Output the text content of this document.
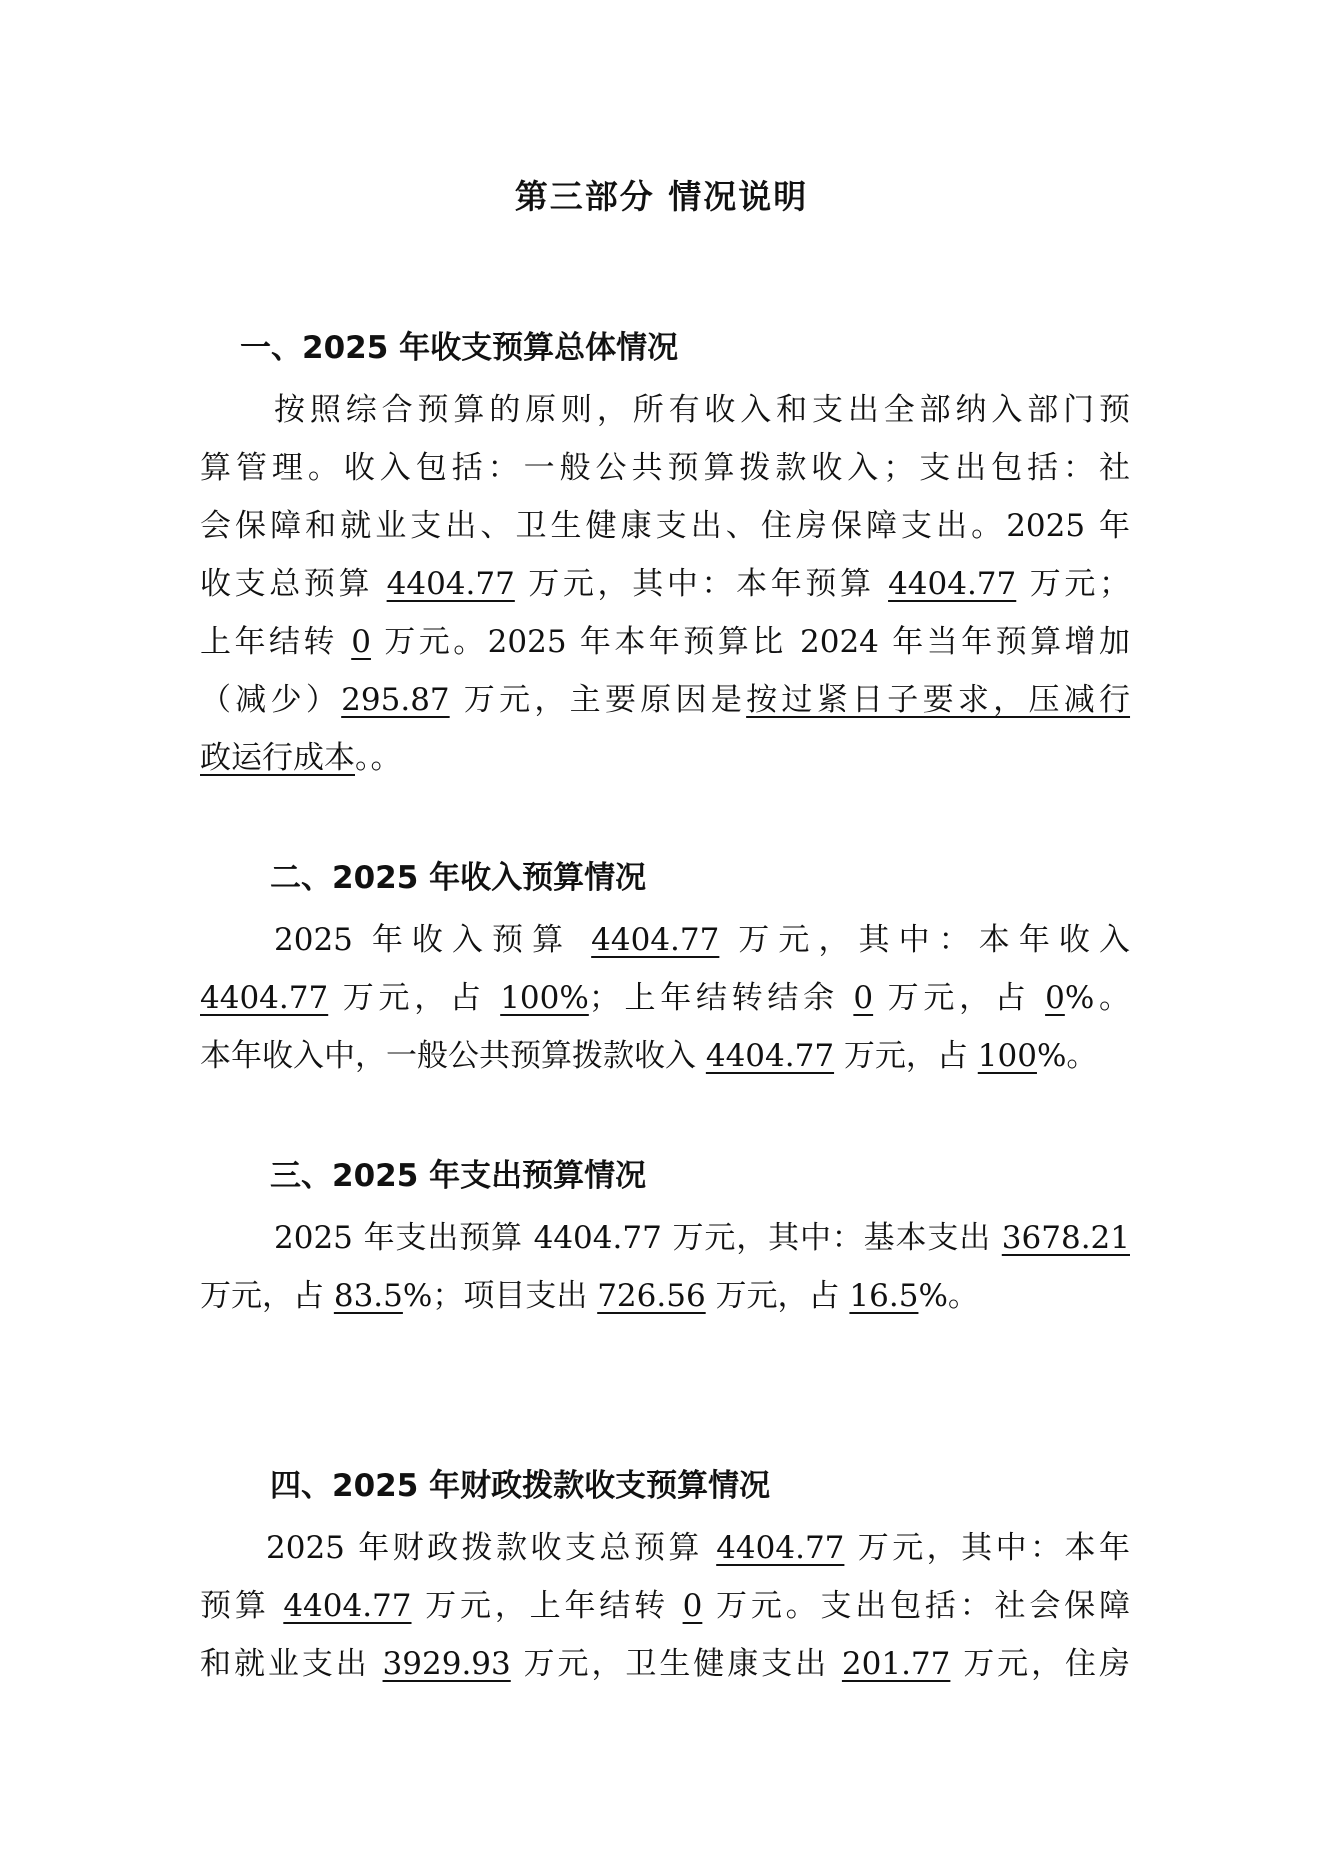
第三部分 情况说明
一、2025 年收支预算总体情况

按照综合预算的原则，所有收入和支出全部纳入部门预

算管理。收入包括：一般公共预算拨款收入；支出包括：社

会保障和就业支出、卫生健康支出、住房保障支出。2025 年

收支总预算 4404.77 万元，其中：本年预算 4404.77 万元；

上年结转 0 万元。2025 年本年预算比 2024 年当年预算增加

（减少）295.87 万元，主要原因是按过紧日子要求，压减行

政运行成本。。

二、2025 年收入预算情况

2025 年收入预算 4404.77 万元，其中：本年收入

4404.77 万元，占 100%；上年结转结余 0 万元，占 0%。

本年收入中，一般公共预算拨款收入 4404.77 万元，占 100%。

三、2025 年支出预算情况

2025 年支出预算 4404.77 万元，其中：基本支出 3678.21

万元，占 83.5%；项目支出 726.56 万元，占 16.5%。

四、2025 年财政拨款收支预算情况

2025 年财政拨款收支总预算 4404.77 万元，其中：本年

预算 4404.77 万元，上年结转 0 万元。支出包括：社会保障

和就业支出 3929.93 万元，卫生健康支出 201.77 万元，住房
